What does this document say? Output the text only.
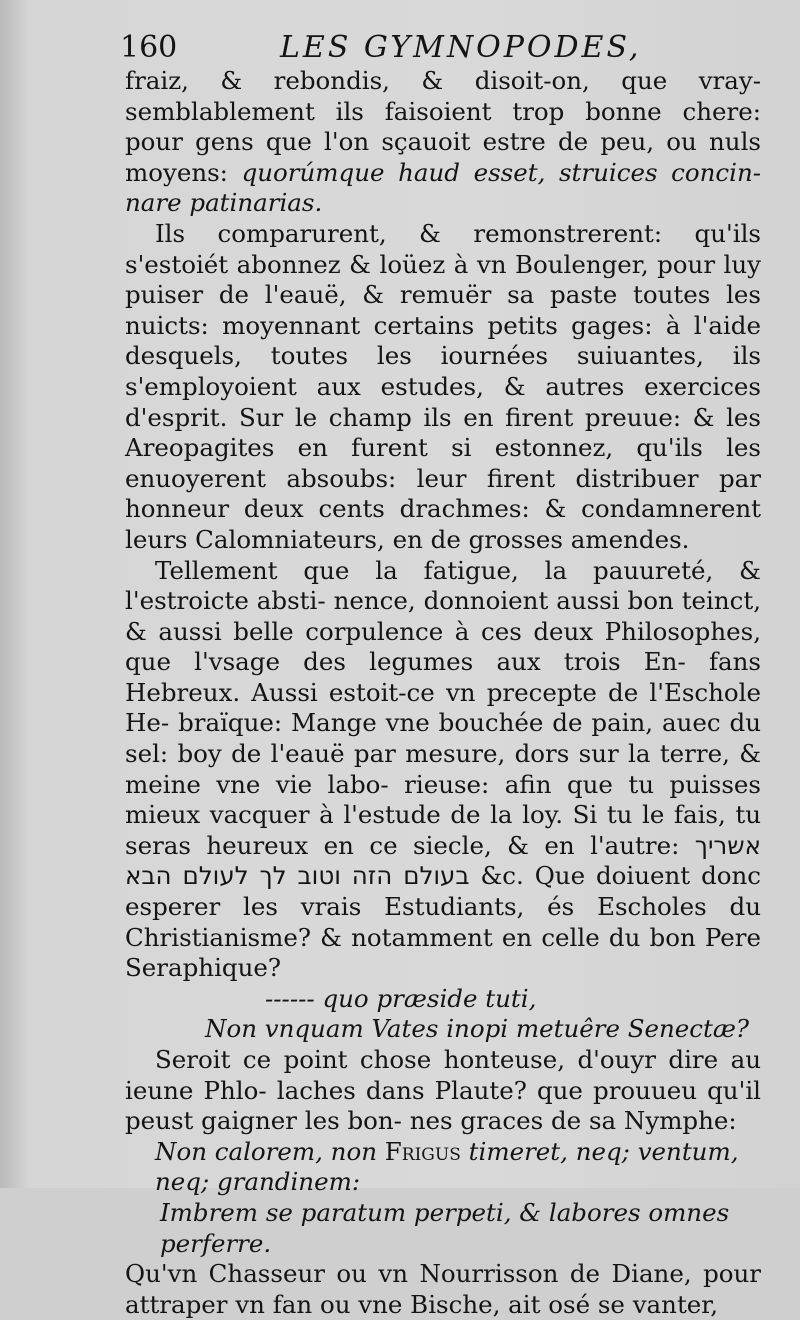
160	LES GYMNOPODES,

fraiz, & rebondis, & disoit-on, que vray-semblablement ils faisoient trop bonne chere: pour gens que l'on sçauoit estre de peu, ou nuls moyens: quorúmque haud esset, struices concin- nare patinarias.

Ils comparurent, & remonstrerent: qu'ils s'estoiét abonnez & loüez à vn Boulenger, pour luy puiser de l'eauë, & remuër sa paste toutes les nuicts: moyennant certains petits gages: à l'aide desquels, toutes les iournées suiuantes, ils s'employoient aux estudes, & autres exercices d'esprit. Sur le champ ils en firent preuue: & les Areopagites en furent si estonnez, qu'ils les enuoyerent absoubs: leur firent distribuer par honneur deux cents drachmes: & condamnerent leurs Calomniateurs, en de grosses amendes.

Tellement que la fatigue, la pauureté, & l'estroicte absti- nence, donnoient aussi bon teinct, & aussi belle corpulence à ces deux Philosophes, que l'vsage des legumes aux trois En- fans Hebreux. Aussi estoit-ce vn precepte de l'Eschole He- braïque: Mange vne bouchée de pain, auec du sel: boy de l'eauë par mesure, dors sur la terre, & meine vne vie labo- rieuse: afin que tu puisses mieux vacquer à l'estude de la loy. Si tu le fais, tu seras heureux en ce siecle, & en l'autre: אשריך בעולם הזה וטוב לך לעולם הבא &c. Que doiuent donc esperer les vrais Estudiants, és Escholes du Christianisme? & notamment en celle du bon Pere Seraphique?

------ quo præside tuti,
Non vnquam Vates inopi metuêre Senectæ?

Seroit ce point chose honteuse, d'ouyr dire au ieune Phlo- laches dans Plaute? que prouueu qu'il peust gaigner les bon- nes graces de sa Nymphe:

Non calorem, non Frigus timeret, neq; ventum, neq; grandinem:
Imbrem se paratum perpeti, & labores omnes perferre.

Qu'vn Chasseur ou vn Nourrisson de Diane, pour attraper vn fan ou vne Bische, ait osé se vanter,
